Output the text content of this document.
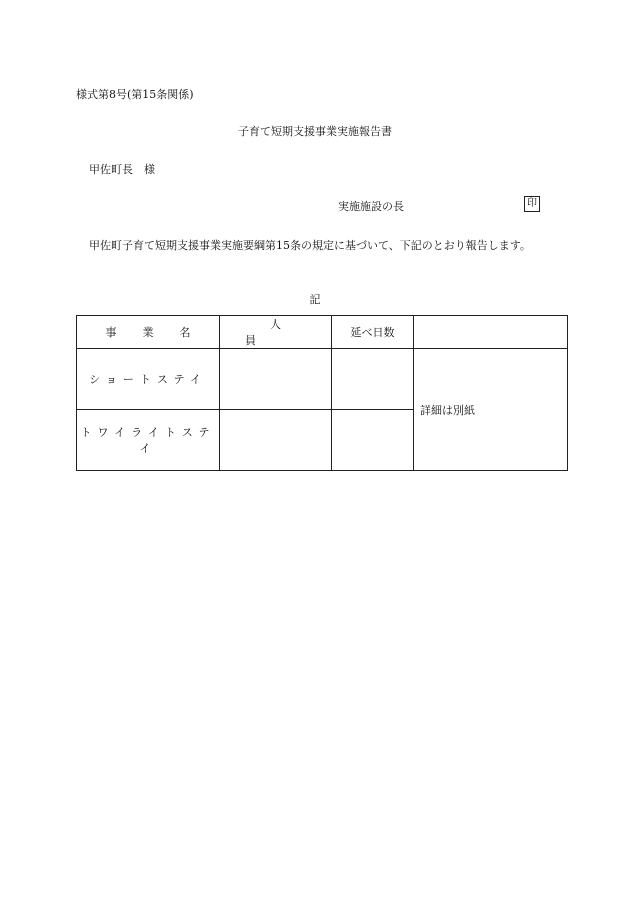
様式第8号(第15条関係)
子育て短期支援事業実施報告書
甲佐町長　様
実施施設の長	印
甲佐町子育て短期支援事業実施要綱第15条の規定に基づいて、下記のとおり報告します。
記
事業名	人員	延べ日数	
ショートステイ			詳細は別紙
トワイライトステイ			
